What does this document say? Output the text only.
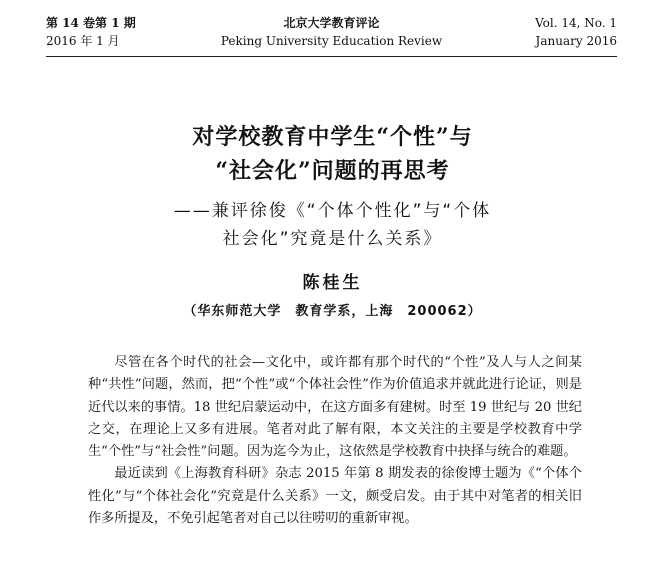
第 14 卷第 1 期
2016 年 1 月
北京大学教育评论
Peking University Education Review
Vol. 14, No. 1
January 2016
对学校教育中学生“个性”与
“社会化”问题的再思考
——兼评徐俊《“个体个性化”与“个体
社会化”究竟是什么关系》
陈桂生
（华东师范大学　教育学系，上海　200062）

尽管在各个时代的社会—文化中，或许都有那个时代的“个性”及人与人之间某种“共性”问题，然而，把“个性”或“个体社会性”作为价值追求并就此进行论证，则是近代以来的事情。18 世纪启蒙运动中，在这方面多有建树。时至 19 世纪与 20 世纪之交，在理论上又多有进展。笔者对此了解有限，本文关注的主要是学校教育中学生“个性”与“社会性”问题。因为迄今为止，这依然是学校教育中抉择与统合的难题。

最近读到《上海教育科研》杂志 2015 年第 8 期发表的徐俊博士题为《“个体个性化”与“个体社会化”究竟是什么关系》一文，颇受启发。由于其中对笔者的相关旧作多所提及，不免引起笔者对自己以往唠叨的重新审视。
